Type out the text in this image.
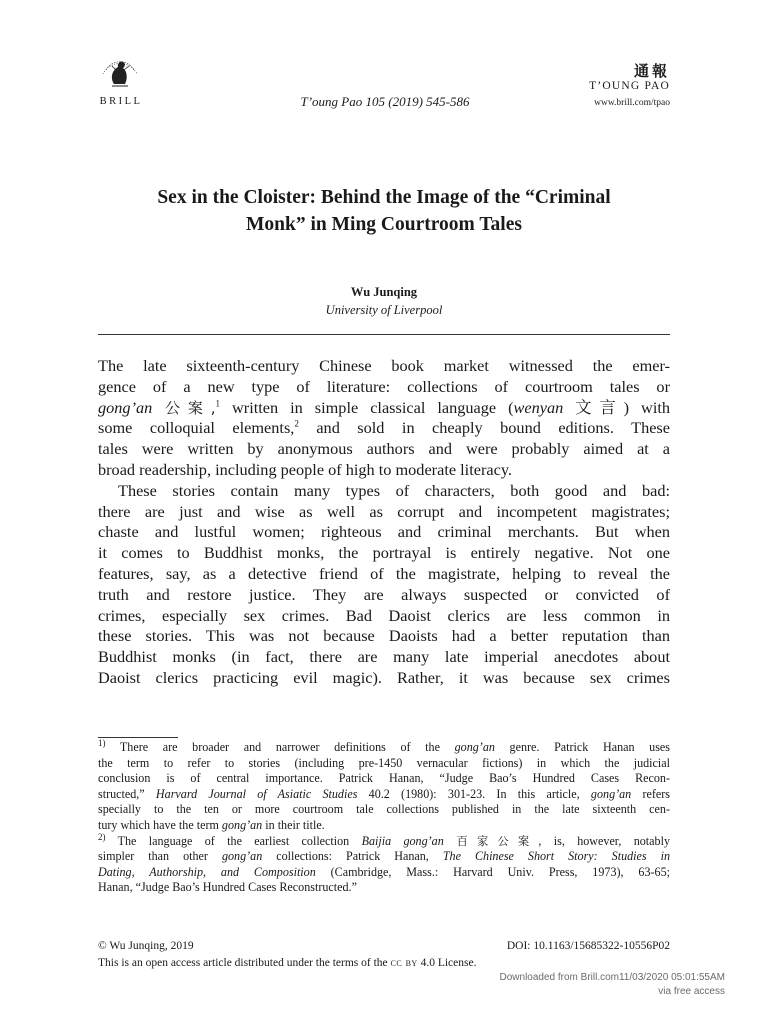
BRILL	T’oung Pao 105 (2019) 545-586
通報
T’OUNG PAO
www.brill.com/tpao
Sex in the Cloister: Behind the Image of the “Criminal
Monk” in Ming Courtroom Tales
Wu Junqing
University of Liverpool

The late sixteenth-century Chinese book market witnessed the emer-
gence of a new type of literature: collections of courtroom tales or
gong’an 公案,$^1$ written in simple classical language (wenyan 文言) with
some colloquial elements,$^2$ and sold in cheaply bound editions. These
tales were written by anonymous authors and were probably aimed at a
broad readership, including people of high to moderate literacy.

These stories contain many types of characters, both good and bad:
there are just and wise as well as corrupt and incompetent magistrates;
chaste and lustful women; righteous and criminal merchants. But when
it comes to Buddhist monks, the portrayal is entirely negative. Not one
features, say, as a detective friend of the magistrate, helping to reveal the
truth and restore justice. They are always suspected or convicted of
crimes, especially sex crimes. Bad Daoist clerics are less common in
these stories. This was not because Daoists had a better reputation than
Buddhist monks (in fact, there are many late imperial anecdotes about
Daoist clerics practicing evil magic). Rather, it was because sex crimes

$^{1)}$ There are broader and narrower definitions of the gong’an genre. Patrick Hanan uses
the term to refer to stories (including pre-1450 vernacular fictions) in which the judicial
conclusion is of central importance. Patrick Hanan, “Judge Bao’s Hundred Cases Recon-
structed,” Harvard Journal of Asiatic Studies 40.2 (1980): 301-23. In this article, gong’an refers
specially to the ten or more courtroom tale collections published in the late sixteenth cen-
tury which have the term gong’an in their title.
$^{2)}$ The language of the earliest collection Baijia gong’an 百家公案, is, however, notably
simpler than other gong’an collections: Patrick Hanan, The Chinese Short Story: Studies in
Dating, Authorship, and Composition (Cambridge, Mass.: Harvard Univ. Press, 1973), 63-65;
Hanan, “Judge Bao’s Hundred Cases Reconstructed.”
© Wu Junqing, 2019	DOI: 10.1163/15685322-10556P02
This is an open access article distributed under the terms of the cc by 4.0 License.
Downloaded from Brill.com11/03/2020 05:01:55AM
via free access
